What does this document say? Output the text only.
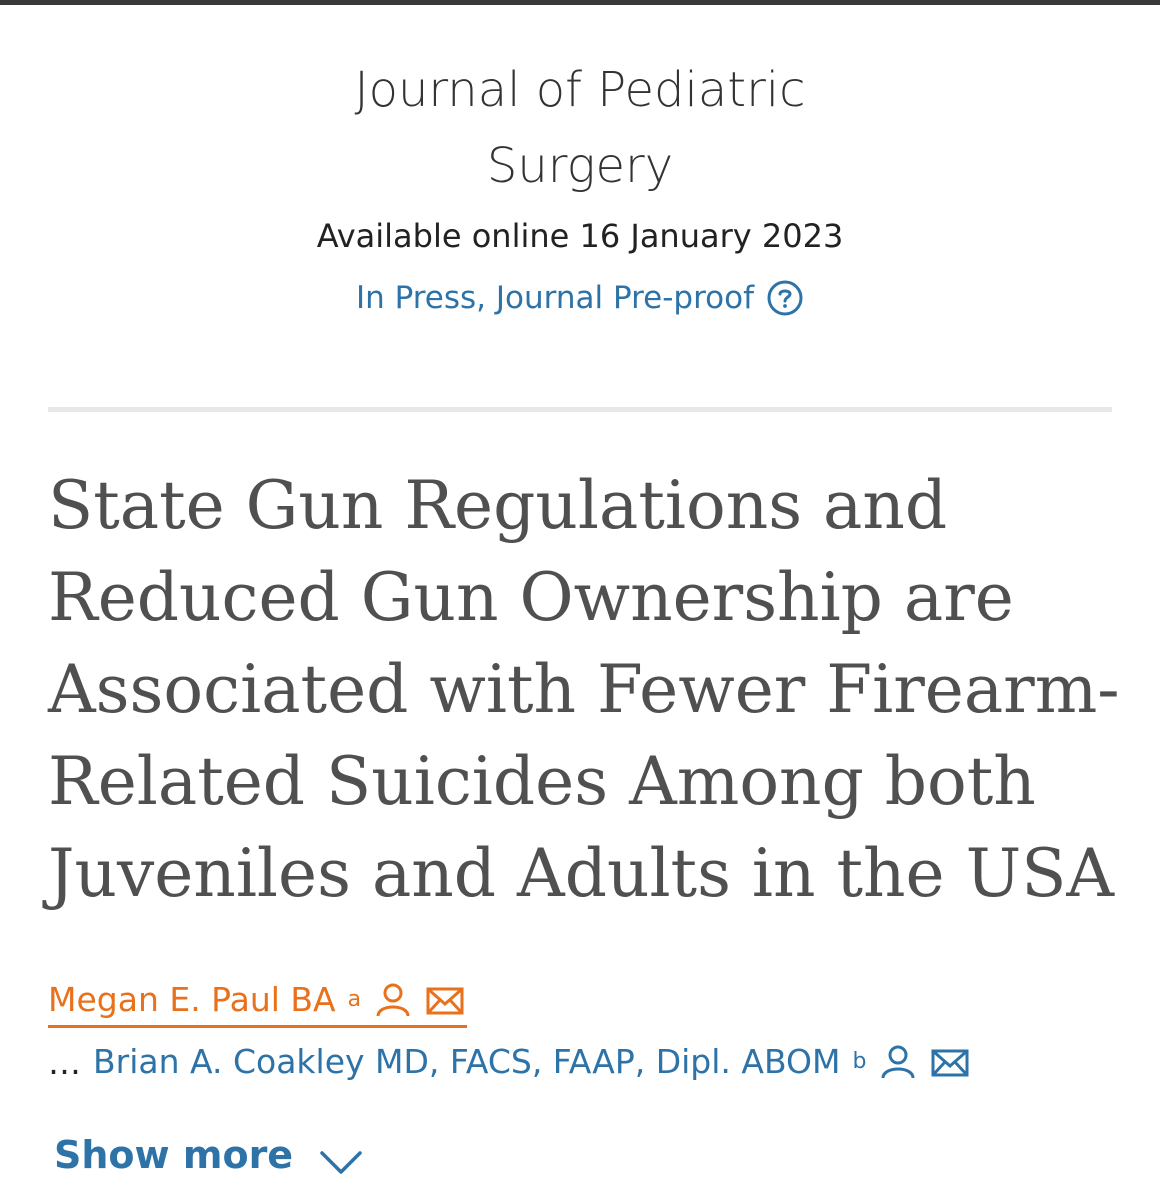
Journal of Pediatric Surgery
Available online 16 January 2023
In Press, Journal Pre-proof
State Gun Regulations and Reduced Gun Ownership are Associated with Fewer Firearm-Related Suicides Among both Juveniles and Adults in the USA
Megan E. Paul BA a
… Brian A. Coakley MD, FACS, FAAP, Dipl. ABOM b
Show more
